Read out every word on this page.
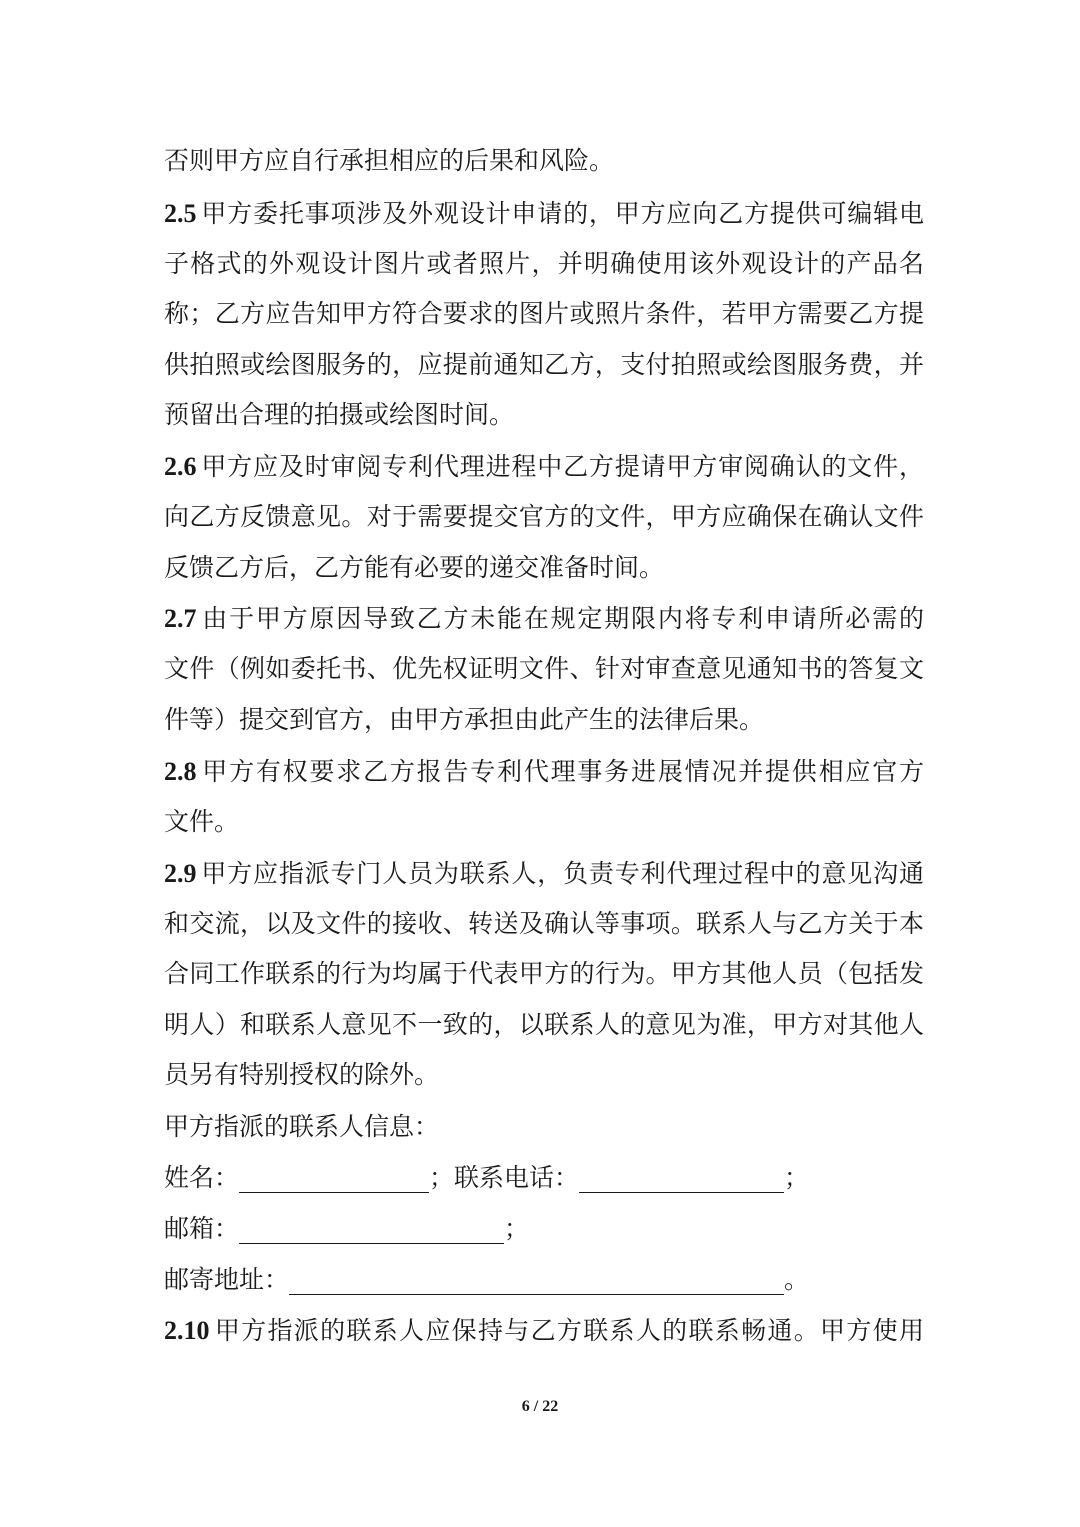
否则甲方应自行承担相应的后果和风险。
2.5 甲方委托事项涉及外观设计申请的，甲方应向乙方提供可编辑电
子格式的外观设计图片或者照片，并明确使用该外观设计的产品名
称；乙方应告知甲方符合要求的图片或照片条件，若甲方需要乙方提
供拍照或绘图服务的，应提前通知乙方，支付拍照或绘图服务费，并
预留出合理的拍摄或绘图时间。
2.6 甲方应及时审阅专利代理进程中乙方提请甲方审阅确认的文件，
向乙方反馈意见。对于需要提交官方的文件，甲方应确保在确认文件
反馈乙方后，乙方能有必要的递交准备时间。
2.7 由于甲方原因导致乙方未能在规定期限内将专利申请所必需的
文件（例如委托书、优先权证明文件、针对审查意见通知书的答复文
件等）提交到官方，由甲方承担由此产生的法律后果。
2.8 甲方有权要求乙方报告专利代理事务进展情况并提供相应官方
文件。
2.9 甲方应指派专门人员为联系人，负责专利代理过程中的意见沟通
和交流，以及文件的接收、转送及确认等事项。联系人与乙方关于本
合同工作联系的行为均属于代表甲方的行为。甲方其他人员（包括发
明人）和联系人意见不一致的，以联系人的意见为准，甲方对其他人
员另有特别授权的除外。
甲方指派的联系人信息：
姓名：	；联系电话：	；
邮箱：	；
邮寄地址：	。
2.10 甲方指派的联系人应保持与乙方联系人的联系畅通。甲方使用
6 / 22
